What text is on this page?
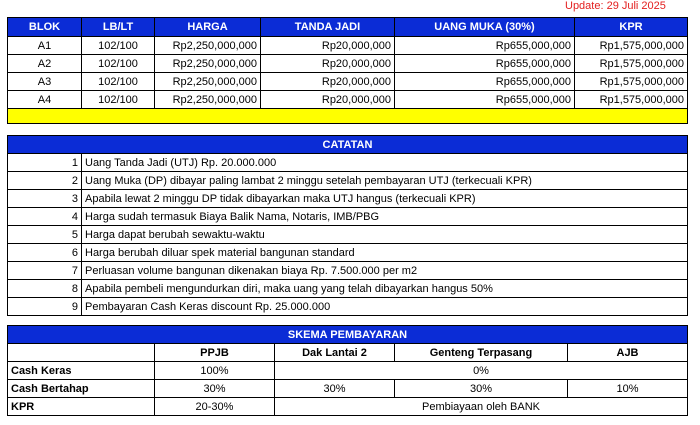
Update: 29 Juli 2025
BLOK	LB/LT	HARGA	TANDA JADI	UANG MUKA (30%)	KPR
A1	102/100	Rp2,250,000,000	Rp20,000,000	Rp655,000,000	Rp1,575,000,000
A2	102/100	Rp2,250,000,000	Rp20,000,000	Rp655,000,000	Rp1,575,000,000
A3	102/100	Rp2,250,000,000	Rp20,000,000	Rp655,000,000	Rp1,575,000,000
A4	102/100	Rp2,250,000,000	Rp20,000,000	Rp655,000,000	Rp1,575,000,000

CATATAN	
1	Uang Tanda Jadi (UTJ) Rp. 20.000.000
2	Uang Muka (DP) dibayar paling lambat 2 minggu setelah pembayaran UTJ (terkecuali KPR)
3	Apabila lewat 2 minggu DP tidak dibayarkan maka UTJ hangus (terkecuali KPR)
4	Harga sudah termasuk Biaya Balik Nama, Notaris, IMB/PBG
5	Harga dapat berubah sewaktu-waktu
6	Harga berubah diluar spek material bangunan standard
7	Perluasan volume bangunan dikenakan biaya Rp. 7.500.000 per m2
8	Apabila pembeli mengundurkan diri, maka uang yang telah dibayarkan hangus 50%
9	Pembayaran Cash Keras discount Rp. 25.000.000
SKEMA PEMBAYARAN				
	PPJB	Dak Lantai 2	Genteng Terpasang	AJB
Cash Keras	100%	0%		
Cash Bertahap	30%	30%	30%	10%
KPR	20-30%	Pembiayaan oleh BANK		
